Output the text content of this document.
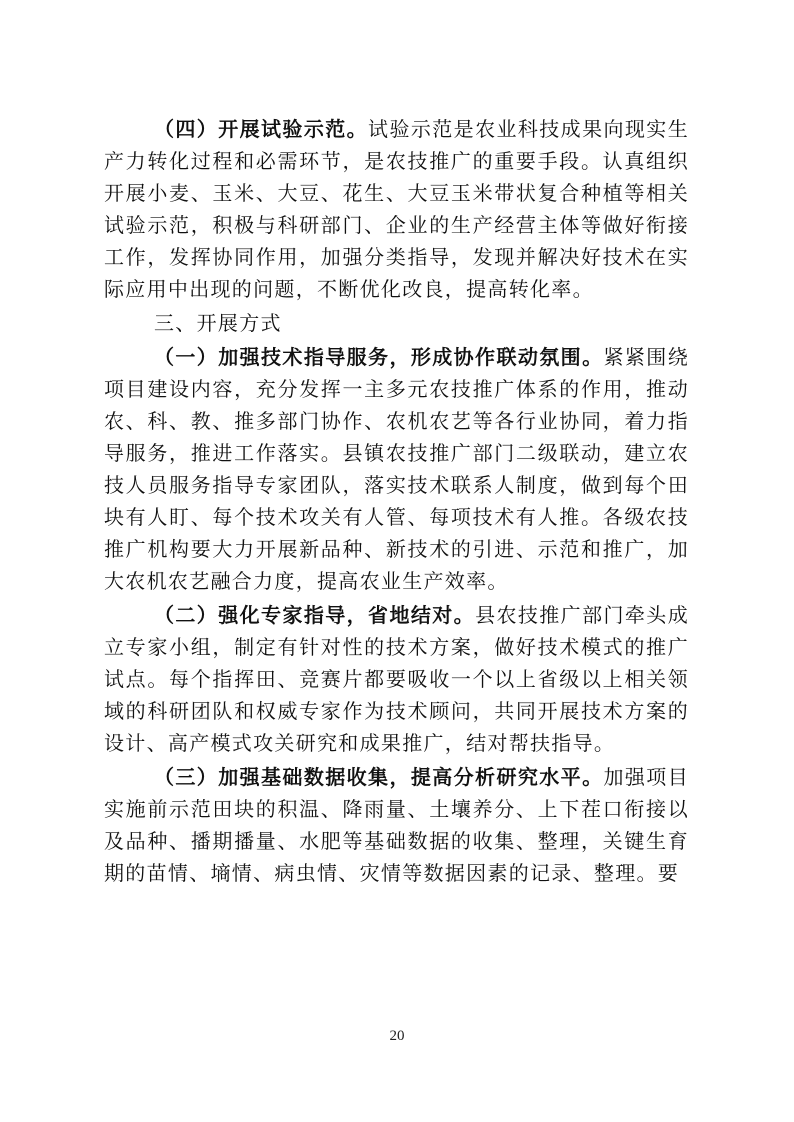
（四）开展试验示范。试验示范是农业科技成果向现实生产力转化过程和必需环节，是农技推广的重要手段。认真组织开展小麦、玉米、大豆、花生、大豆玉米带状复合种植等相关试验示范，积极与科研部门、企业的生产经营主体等做好衔接工作，发挥协同作用，加强分类指导，发现并解决好技术在实际应用中出现的问题，不断优化改良，提高转化率。

三、开展方式

（一）加强技术指导服务，形成协作联动氛围。紧紧围绕项目建设内容，充分发挥一主多元农技推广体系的作用，推动农、科、教、推多部门协作、农机农艺等各行业协同，着力指导服务，推进工作落实。县镇农技推广部门二级联动，建立农技人员服务指导专家团队，落实技术联系人制度，做到每个田块有人盯、每个技术攻关有人管、每项技术有人推。各级农技推广机构要大力开展新品种、新技术的引进、示范和推广，加大农机农艺融合力度，提高农业生产效率。

（二）强化专家指导，省地结对。县农技推广部门牵头成立专家小组，制定有针对性的技术方案，做好技术模式的推广试点。每个指挥田、竞赛片都要吸收一个以上省级以上相关领域的科研团队和权威专家作为技术顾问，共同开展技术方案的设计、高产模式攻关研究和成果推广，结对帮扶指导。

（三）加强基础数据收集，提高分析研究水平。加强项目实施前示范田块的积温、降雨量、土壤养分、上下茬口衔接以及品种、播期播量、水肥等基础数据的收集、整理，关键生育期的苗情、墒情、病虫情、灾情等数据因素的记录、整理。要

20
